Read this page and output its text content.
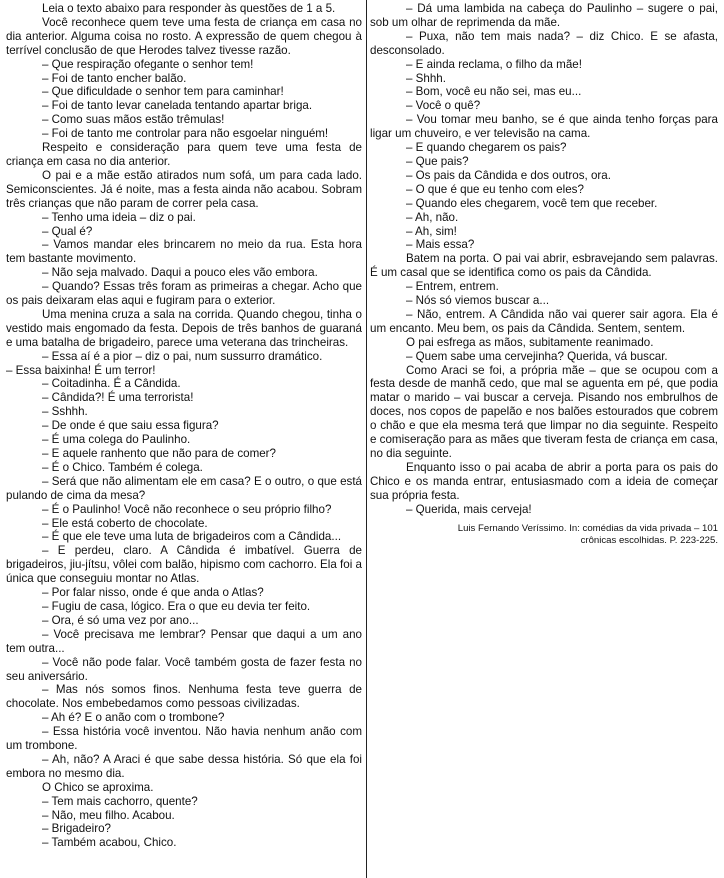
Leia o texto abaixo para responder às questões de 1 a 5.

Você reconhece quem teve uma festa de criança em casa no dia anterior. Alguma coisa no rosto. A expressão de quem chegou à terrível conclusão de que Herodes talvez tivesse razão.

– Que respiração ofegante o senhor tem!

– Foi de tanto encher balão.

– Que dificuldade o senhor tem para caminhar!

– Foi de tanto levar canelada tentando apartar briga.

– Como suas mãos estão trêmulas!

– Foi de tanto me controlar para não esgoelar ninguém!

Respeito e consideração para quem teve uma festa de criança em casa no dia anterior.

O pai e a mãe estão atirados num sofá, um para cada lado. Semiconscientes. Já é noite, mas a festa ainda não acabou. Sobram três crianças que não param de correr pela casa.

– Tenho uma ideia – diz o pai.

– Qual é?

– Vamos mandar eles brincarem no meio da rua. Esta hora tem bastante movimento.

– Não seja malvado. Daqui a pouco eles vão embora.

– Quando? Essas três foram as primeiras a chegar. Acho que os pais deixaram elas aqui e fugiram para o exterior.

Uma menina cruza a sala na corrida. Quando chegou, tinha o vestido mais engomado da festa. Depois de três banhos de guaraná e uma batalha de brigadeiro, parece uma veterana das trincheiras.

– Essa aí é a pior – diz o pai, num sussurro dramático.

– Essa baixinha! É um terror!

– Coitadinha. É a Cândida.

– Cândida?! É uma terrorista!

– Sshhh.

– De onde é que saiu essa figura?

– É uma colega do Paulinho.

– E aquele ranhento que não para de comer?

– É o Chico. Também é colega.

– Será que não alimentam ele em casa? E o outro, o que está pulando de cima da mesa?

– É o Paulinho! Você não reconhece o seu próprio filho?

– Ele está coberto de chocolate.

– É que ele teve uma luta de brigadeiros com a Cândida...

– E perdeu, claro. A Cândida é imbatível. Guerra de brigadeiros, jiu-jítsu, vôlei com balão, hipismo com cachorro. Ela foi a única que conseguiu montar no Atlas.

– Por falar nisso, onde é que anda o Atlas?

– Fugiu de casa, lógico. Era o que eu devia ter feito.

– Ora, é só uma vez por ano...

– Você precisava me lembrar? Pensar que daqui a um ano tem outra...

– Você não pode falar. Você também gosta de fazer festa no seu aniversário.

– Mas nós somos finos. Nenhuma festa teve guerra de chocolate. Nos embebedamos como pessoas civilizadas.

– Ah é? E o anão com o trombone?

– Essa história você inventou. Não havia nenhum anão com um trombone.

– Ah, não? A Araci é que sabe dessa história. Só que ela foi embora no mesmo dia.

O Chico se aproxima.

– Tem mais cachorro, quente?

– Não, meu filho. Acabou.

– Brigadeiro?

– Também acabou, Chico.

– Dá uma lambida na cabeça do Paulinho – sugere o pai, sob um olhar de reprimenda da mãe.

– Puxa, não tem mais nada? – diz Chico. E se afasta, desconsolado.

– E ainda reclama, o filho da mãe!

– Shhh.

– Bom, você eu não sei, mas eu...

– Você o quê?

– Vou tomar meu banho, se é que ainda tenho forças para ligar um chuveiro, e ver televisão na cama.

– E quando chegarem os pais?

– Que pais?

– Os pais da Cândida e dos outros, ora.

– O que é que eu tenho com eles?

– Quando eles chegarem, você tem que receber.

– Ah, não.

– Ah, sim!

– Mais essa?

Batem na porta. O pai vai abrir, esbravejando sem palavras. É um casal que se identifica como os pais da Cândida.

– Entrem, entrem.

– Nós só viemos buscar a...

– Não, entrem. A Cândida não vai querer sair agora. Ela é um encanto. Meu bem, os pais da Cândida. Sentem, sentem.

O pai esfrega as mãos, subitamente reanimado.

– Quem sabe uma cervejinha? Querida, vá buscar.

Como Araci se foi, a própria mãe – que se ocupou com a festa desde de manhã cedo, que mal se aguenta em pé, que podia matar o marido – vai buscar a cerveja. Pisando nos embrulhos de doces, nos copos de papelão e nos balões estourados que cobrem o chão e que ela mesma terá que limpar no dia seguinte. Respeito e comiseração para as mães que tiveram festa de criança em casa, no dia seguinte.

Enquanto isso o pai acaba de abrir a porta para os pais do Chico e os manda entrar, entusiasmado com a ideia de começar sua própria festa.

– Querida, mais cerveja!

Luis Fernando Veríssimo. In: comédias da vida privada – 101
crônicas escolhidas. P. 223-225.
